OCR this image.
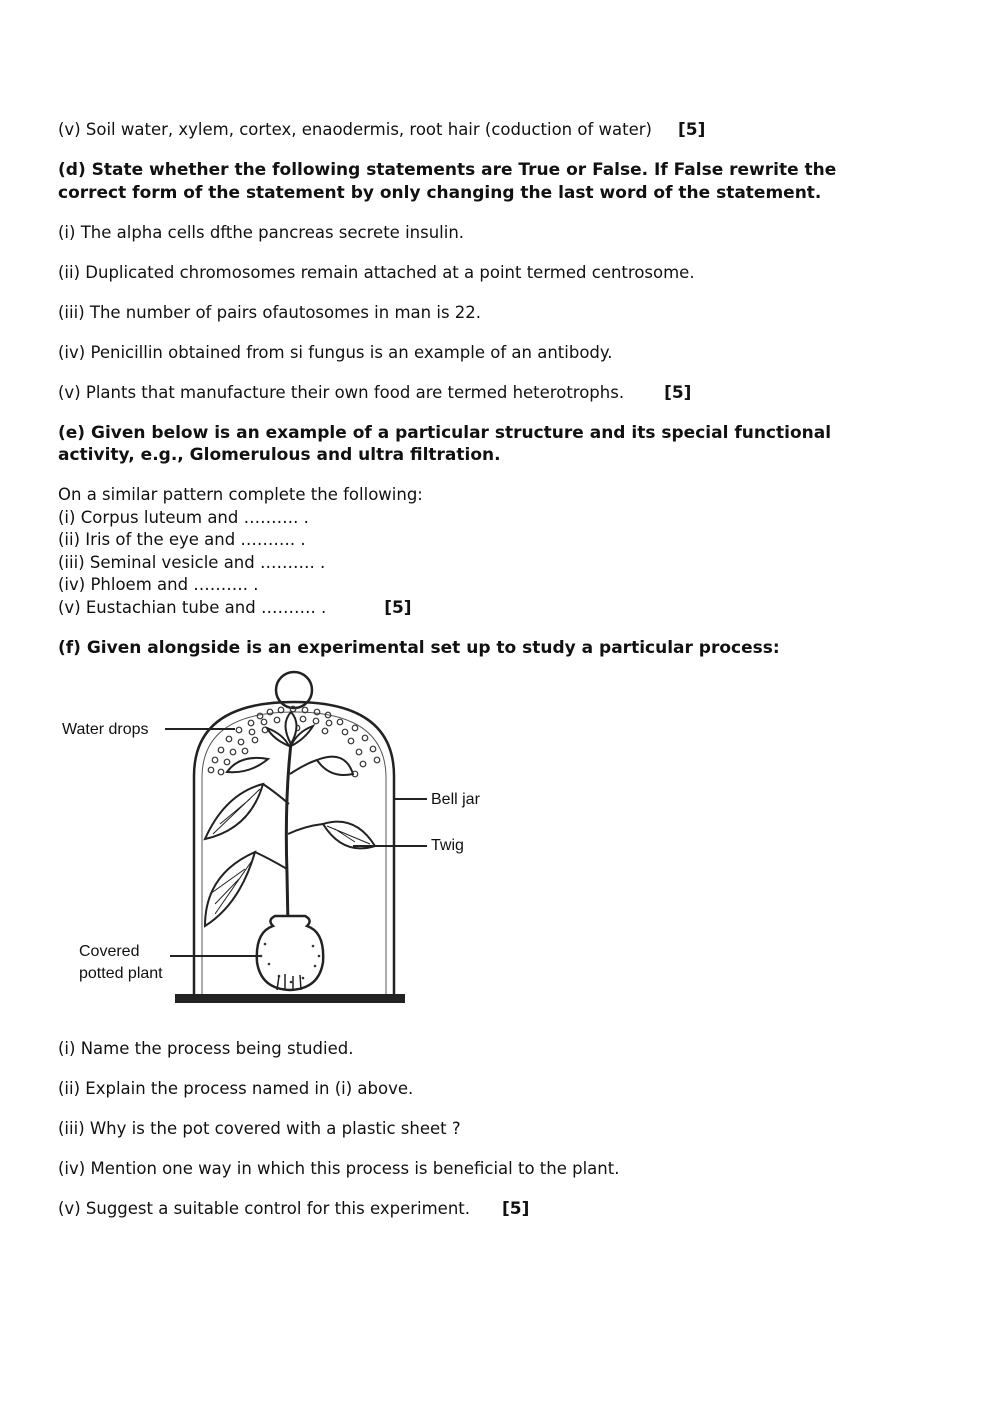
(v) Soil water, xylem, cortex, enaodermis, root hair (coduction of water) [5]
(d) State whether the following statements are True or False. If False rewrite the
correct form of the statement by only changing the last word of the statement.
(i) The alpha cells dfthe pancreas secrete insulin.
(ii) Duplicated chromosomes remain attached at a point termed centrosome.
(iii) The number of pairs ofautosomes in man is 22.
(iv) Penicillin obtained from si fungus is an example of an antibody.
(v) Plants that manufacture their own food are termed heterotrophs. [5]
(e) Given below is an example of a particular structure and its special functional
activity, e.g., Glomerulous and ultra filtration.
On a similar pattern complete the following:
(i) Corpus luteum and ………. .
(ii) Iris of the eye and ………. .
(iii) Seminal vesicle and ………. .
(iv) Phloem and ………. .
(v) Eustachian tube and ………. .	[5]
(f) Given alongside is an experimental set up to study a particular process:
Water drops
Bell jar
Twig
Covered
potted plant
(i) Name the process being studied.
(ii) Explain the process named in (i) above.
(iii) Why is the pot covered with a plastic sheet ?
(iv) Mention one way in which this process is beneficial to the plant.
(v) Suggest a suitable control for this experiment. [5]
